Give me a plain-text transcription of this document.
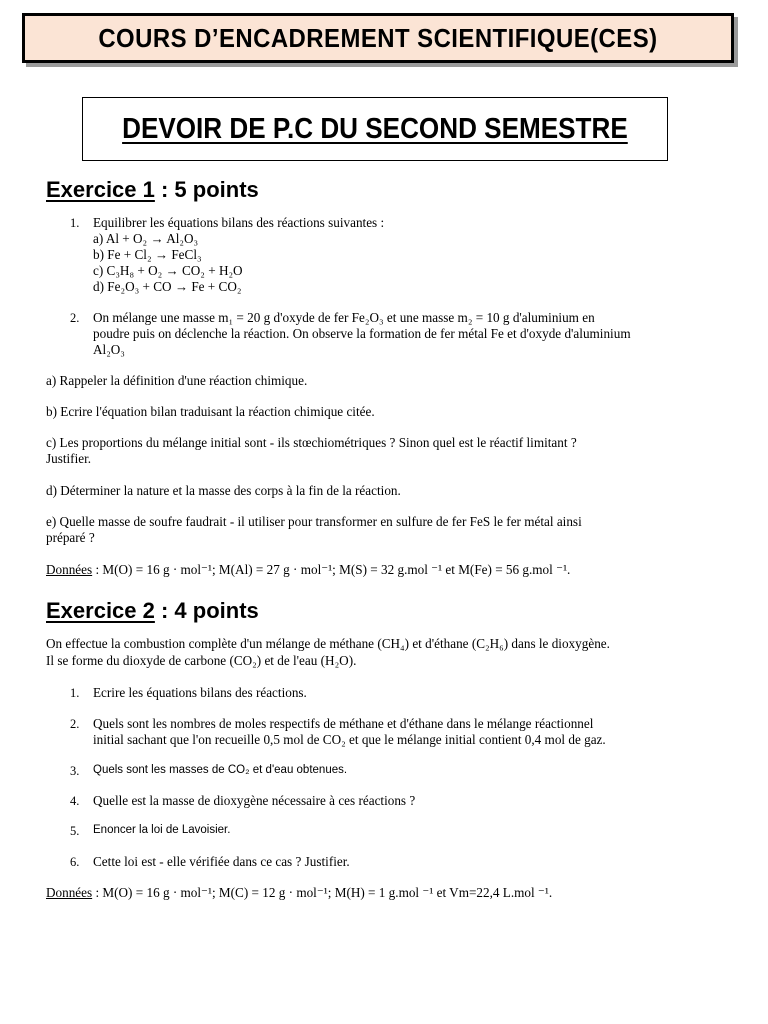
COURS D’ENCADREMENT SCIENTIFIQUE(CES)
DEVOIR DE P.C DU SECOND SEMESTRE
Exercice 1 : 5 points
1. Equilibrer les équations bilans des réactions suivantes :
a) Al + O₂ → Al₂O₃
b) Fe + Cl₂ → FeCl₃
c) C₃H₈ + O₂ → CO₂ + H₂O
d) Fe₂O₃ + CO → Fe + CO₂
2. On mélange une masse m₁ = 20 g d'oxyde de fer Fe₂O₃ et une masse m₂ = 10 g d'aluminium en
poudre puis on déclenche la réaction. On observe la formation de fer métal Fe et d'oxyde d'aluminium
Al₂O₃
a) Rappeler la définition d'une réaction chimique.
b) Ecrire l'équation bilan traduisant la réaction chimique citée.
c) Les proportions du mélange initial sont - ils stœchiométriques ? Sinon quel est le réactif limitant ?
Justifier.
d) Déterminer la nature et la masse des corps à la fin de la réaction.
e) Quelle masse de soufre faudrait - il utiliser pour transformer en sulfure de fer FeS le fer métal ainsi
préparé ?
Données : M(O) = 16 g · mol⁻¹; M(Al) = 27 g · mol⁻¹; M(S) = 32 g.mol ⁻¹ et M(Fe) = 56 g.mol ⁻¹.
Exercice 2 : 4 points
On effectue la combustion complète d'un mélange de méthane (CH₄) et d'éthane (C₂H₆) dans le dioxygène.
Il se forme du dioxyde de carbone (CO₂) et de l'eau (H₂O).
1. Ecrire les équations bilans des réactions.
2. Quels sont les nombres de moles respectifs de méthane et d'éthane dans le mélange réactionnel
initial sachant que l'on recueille 0,5 mol de CO₂ et que le mélange initial contient 0,4 mol de gaz.
3. Quels sont les masses de CO₂ et d'eau obtenues.
4. Quelle est la masse de dioxygène nécessaire à ces réactions ?
5. Enoncer la loi de Lavoisier.
6. Cette loi est - elle vérifiée dans ce cas ? Justifier.
Données : M(O) = 16 g · mol⁻¹; M(C) = 12 g · mol⁻¹; M(H) = 1 g.mol ⁻¹ et Vm=22,4 L.mol ⁻¹.
